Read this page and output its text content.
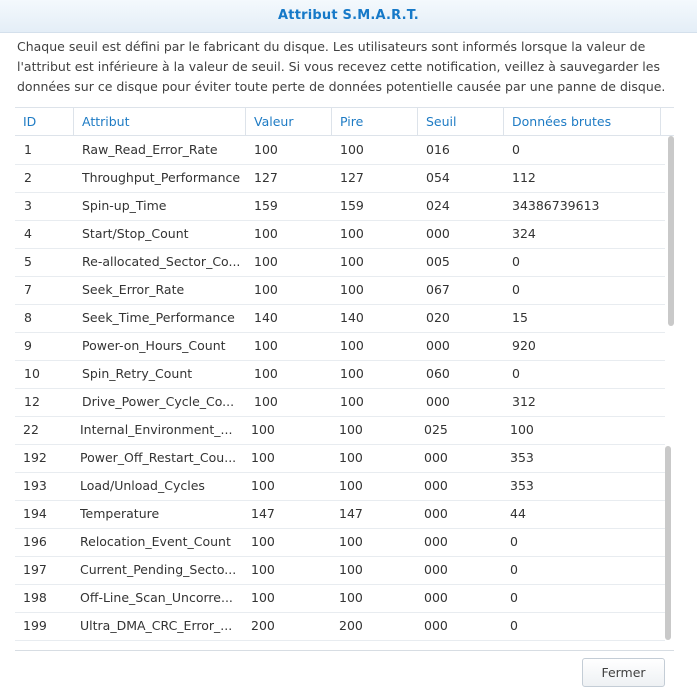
Attribut S.M.A.R.T.
Chaque seuil est défini par le fabricant du disque. Les utilisateurs sont informés lorsque la valeur de l'attribut est inférieure à la valeur de seuil. Si vous recevez cette notification, veillez à sauvegarder les données sur ce disque pour éviter toute perte de données potentielle causée par une panne de disque.
ID	Attribut	Valeur	Pire	Seuil	Données brutes
1	Raw_Read_Error_Rate	100	100	016	0
2	Throughput_Performance 127	127	054	112
3	Spin-up_Time	159	159	024	34386739613
4	Start/Stop_Count	100	100	000	324
5	Re-allocated_Sector_Co... 100	100	005	0
7	Seek_Error_Rate	100	100	067	0
8	Seek_Time_Performance	140	140	020	15
9	Power-on_Hours_Count	100	100	000	920
10	Spin_Retry_Count	100	100	060	0
12	Drive_Power_Cycle_Co...	100	100	000	312
22	Internal_Environment_...	100	100	025	100
192	Power_Off_Restart_Cou...	100	100	000	353
193	Load/Unload_Cycles	100	100	000	353
194	Temperature	147	147	000	44
196	Relocation_Event_Count	100	100	000	0
197	Current_Pending_Secto...	100	100	000	0
198	Off-Line_Scan_Uncorre...	100	100	000	0
199	Ultra_DMA_CRC_Error_...	200	200	000	0
Fermer
